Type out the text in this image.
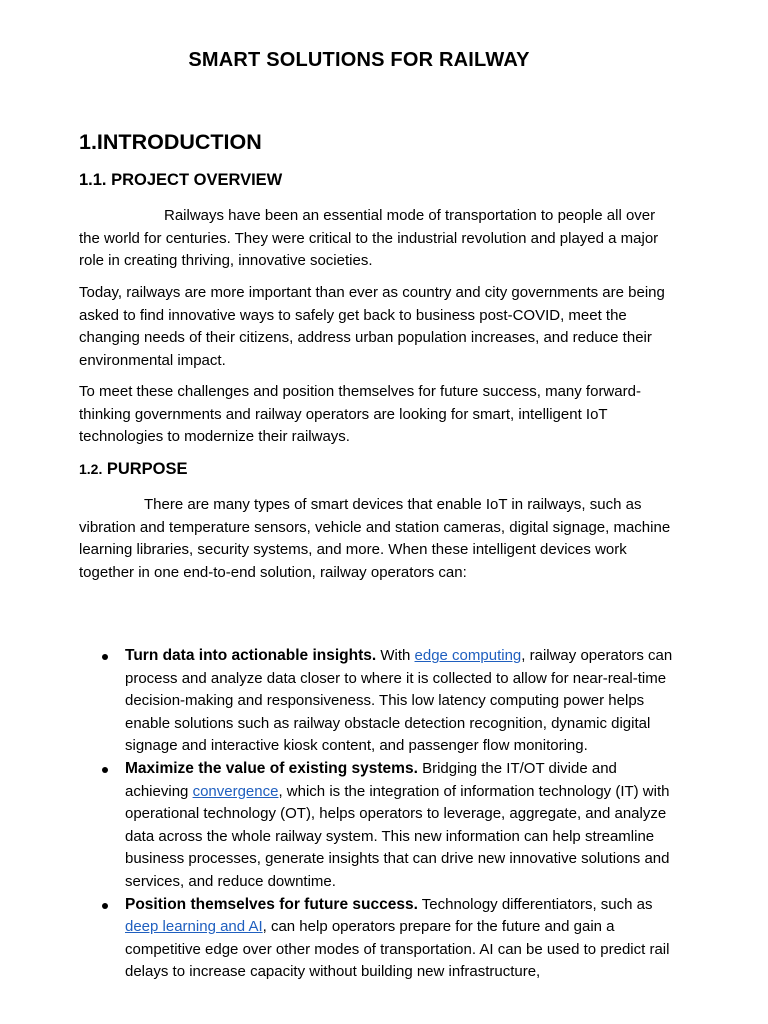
SMART SOLUTIONS FOR RAILWAY
1.INTRODUCTION
1.1. PROJECT OVERVIEW

Railways have been an essential mode of transportation to people all over the world for centuries. They were critical to the industrial revolution and played a major role in creating thriving, innovative societies.

Today, railways are more important than ever as country and city governments are being asked to find innovative ways to safely get back to business post-COVID, meet the changing needs of their citizens, address urban population increases, and reduce their environmental impact.

To meet these challenges and position themselves for future success, many forward-thinking governments and railway operators are looking for smart, intelligent IoT technologies to modernize their railways.

1.2. PURPOSE

There are many types of smart devices that enable IoT in railways, such as vibration and temperature sensors, vehicle and station cameras, digital signage, machine learning libraries, security systems, and more. When these intelligent devices work together in one end-to-end solution, railway operators can:

Turn data into actionable insights. With edge computing, railway operators can process and analyze data closer to where it is collected to allow for near-real-time decision-making and responsiveness. This low latency computing power helps enable solutions such as railway obstacle detection recognition, dynamic digital signage and interactive kiosk content, and passenger flow monitoring.
Maximize the value of existing systems. Bridging the IT/OT divide and achieving convergence, which is the integration of information technology (IT) with operational technology (OT), helps operators to leverage, aggregate, and analyze data across the whole railway system. This new information can help streamline business processes, generate insights that can drive new innovative solutions and services, and reduce downtime.
Position themselves for future success. Technology differentiators, such as deep learning and AI, can help operators prepare for the future and gain a competitive edge over other modes of transportation. AI can be used to predict rail delays to increase capacity without building new infrastructure,
